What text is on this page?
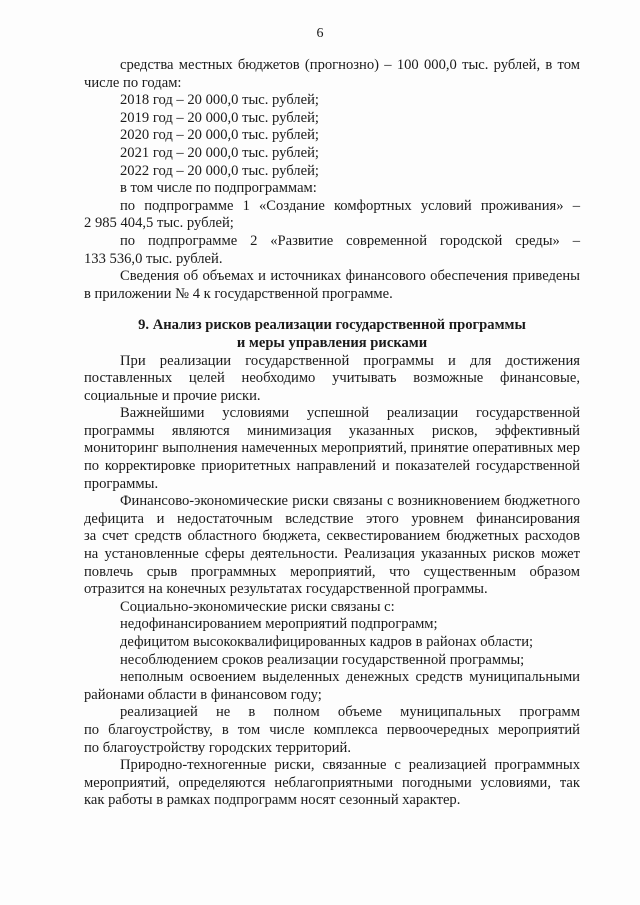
6
средства местных бюджетов (прогнозно) – 100 000,0 тыс. рублей, в том
числе по годам:
2018 год – 20 000,0 тыс. рублей;
2019 год – 20 000,0 тыс. рублей;
2020 год – 20 000,0 тыс. рублей;
2021 год – 20 000,0 тыс. рублей;
2022 год – 20 000,0 тыс. рублей;
в том числе по подпрограммам:
по подпрограмме 1 «Создание комфортных условий проживания» –
2 985 404,5 тыс. рублей;
по подпрограмме 2 «Развитие современной городской среды» –
133 536,0 тыс. рублей.
Сведения об объемах и источниках финансового обеспечения приведены
в приложении № 4 к государственной программе.
9. Анализ рисков реализации государственной программы
и меры управления рисками
При реализации государственной программы и для достижения
поставленных целей необходимо учитывать возможные финансовые,
социальные и прочие риски.
Важнейшими условиями успешной реализации государственной
программы являются минимизация указанных рисков, эффективный
мониторинг выполнения намеченных мероприятий, принятие оперативных мер
по корректировке приоритетных направлений и показателей государственной
программы.
Финансово-экономические риски связаны с возникновением бюджетного
дефицита и недостаточным вследствие этого уровнем финансирования
за счет средств областного бюджета, секвестированием бюджетных расходов
на установленные сферы деятельности. Реализация указанных рисков может
повлечь срыв программных мероприятий, что существенным образом
отразится на конечных результатах государственной программы.
Социально-экономические риски связаны с:
недофинансированием мероприятий подпрограмм;
дефицитом высококвалифицированных кадров в районах области;
несоблюдением сроков реализации государственной программы;
неполным освоением выделенных денежных средств муниципальными
районами области в финансовом году;
реализацией не в полном объеме муниципальных программ
по благоустройству, в том числе комплекса первоочередных мероприятий
по благоустройству городских территорий.
Природно-техногенные риски, связанные с реализацией программных
мероприятий, определяются неблагоприятными погодными условиями, так
как работы в рамках подпрограмм носят сезонный характер.
